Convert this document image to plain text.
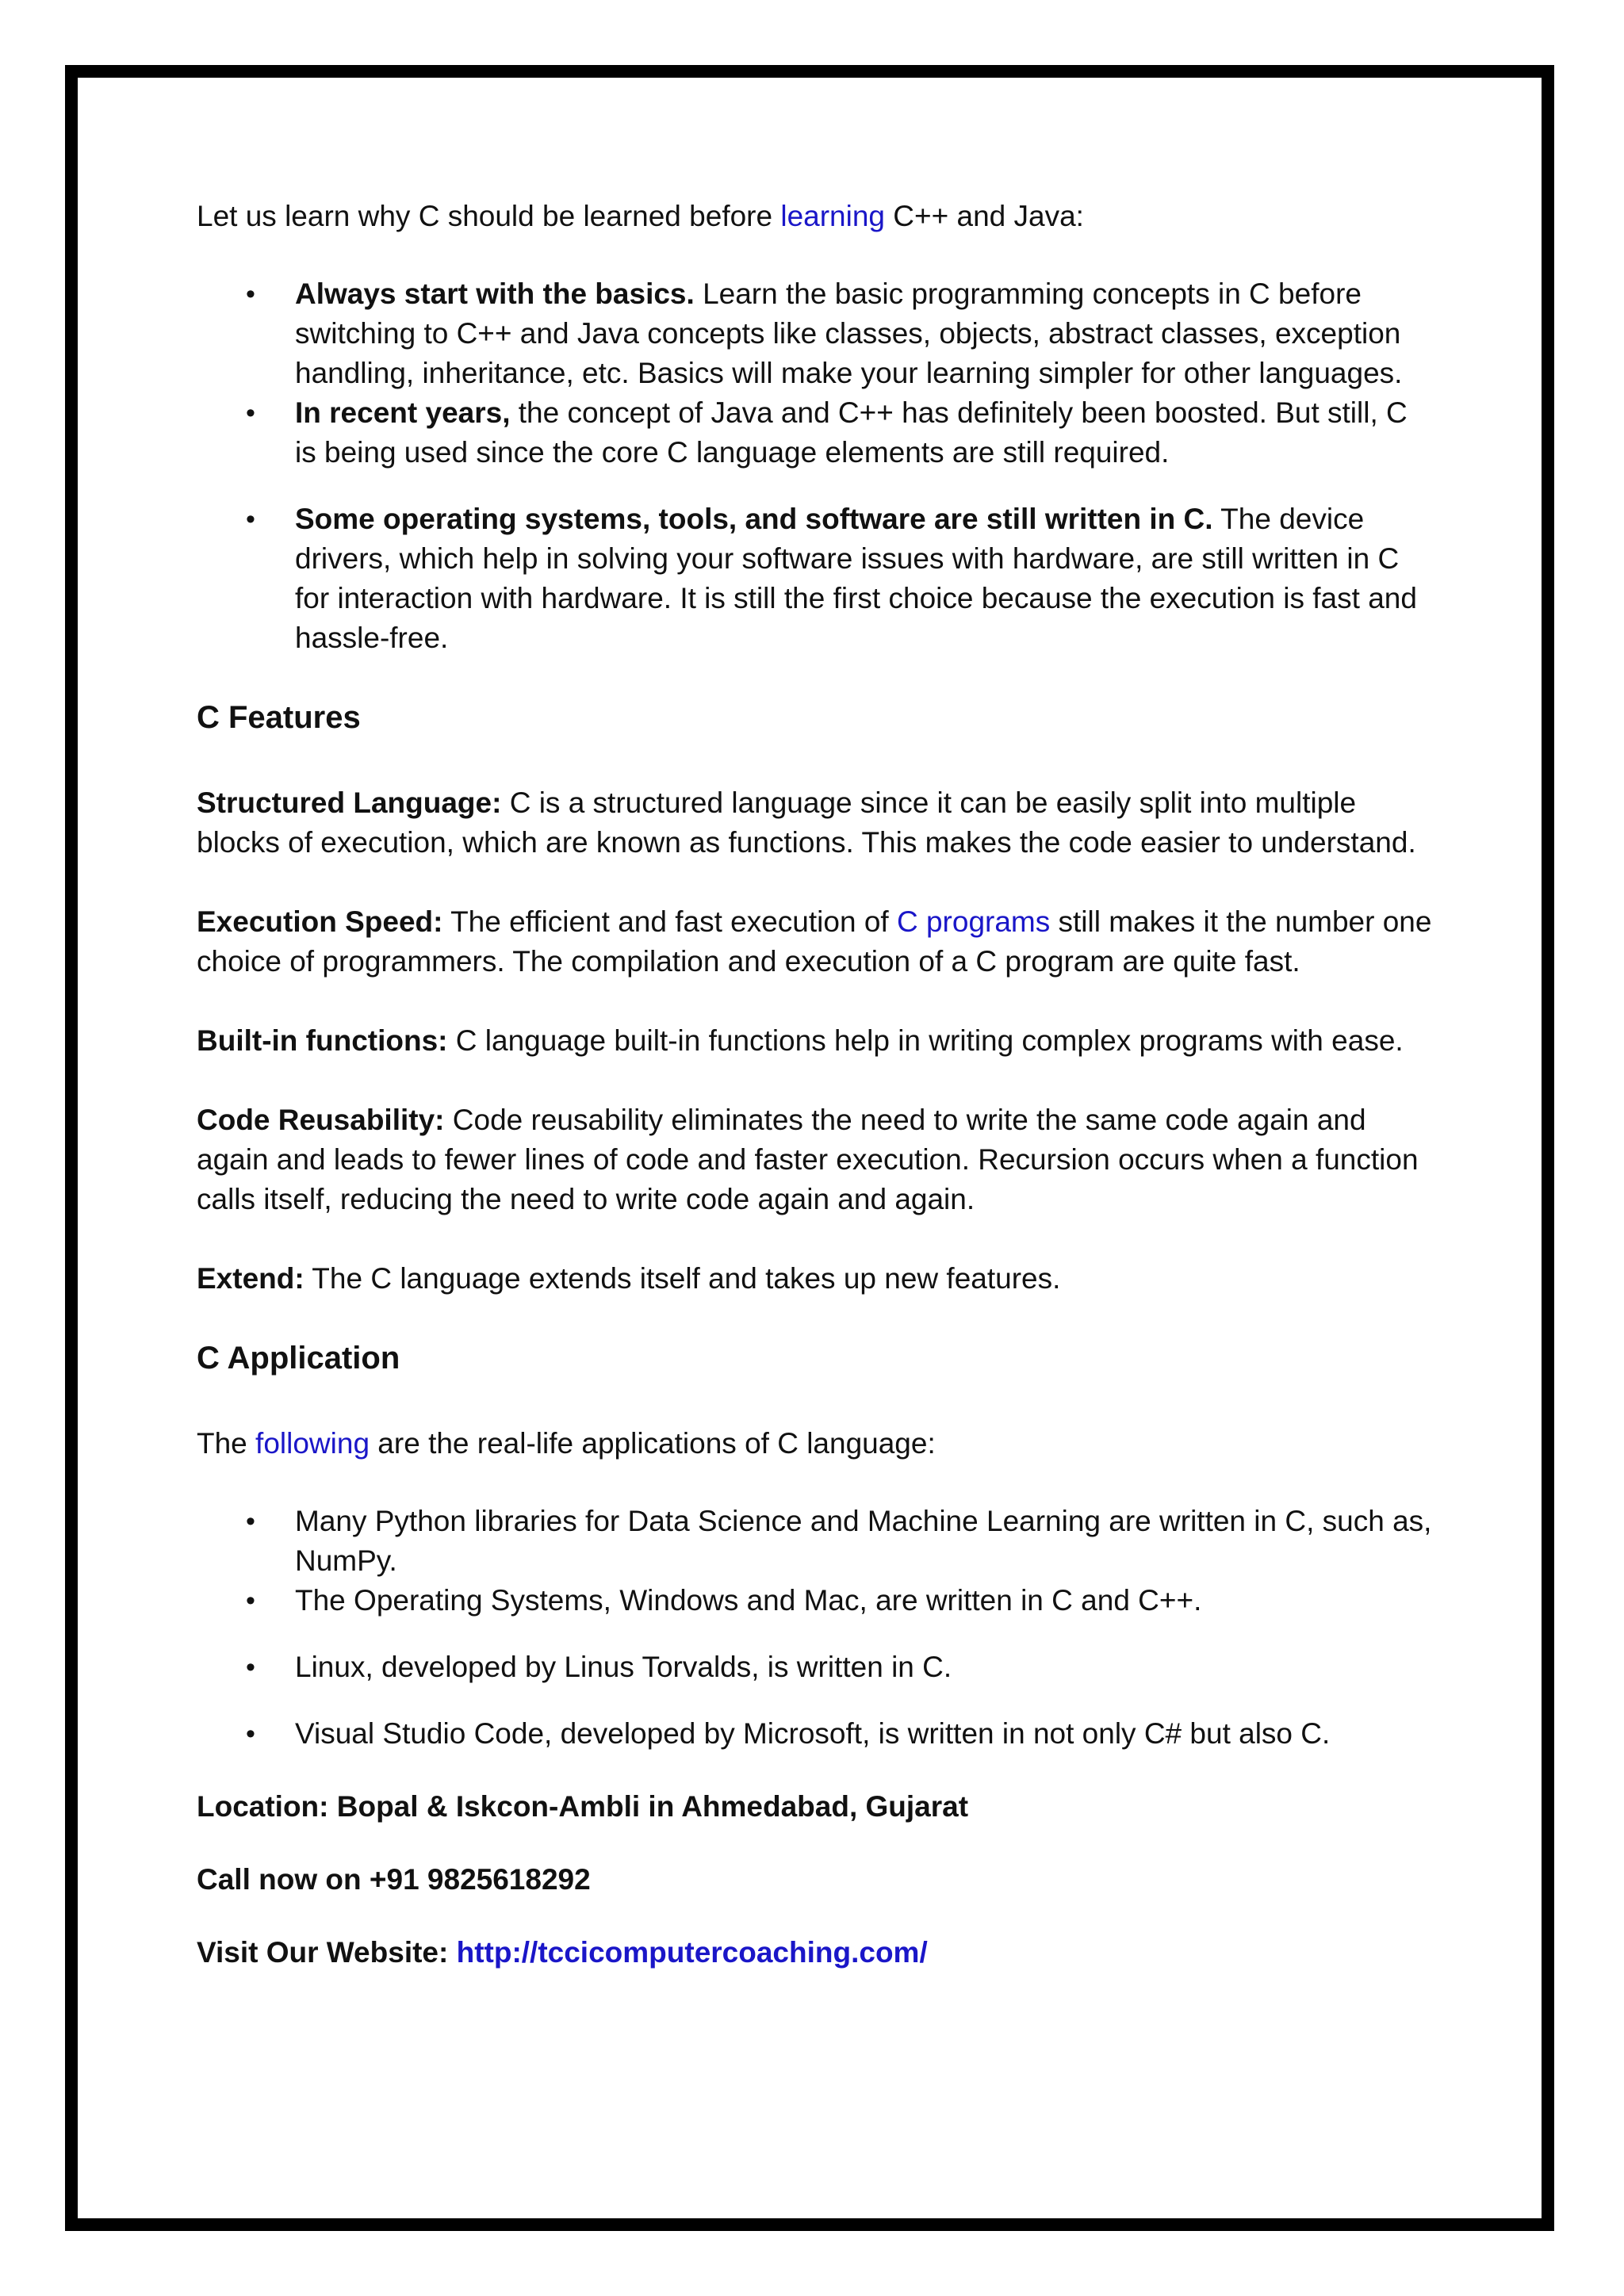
Let us learn why C should be learned before learning C++ and Java:

• Always start with the basics. Learn the basic programming concepts in C before switching to C++ and Java concepts like classes, objects, abstract classes, exception handling, inheritance, etc. Basics will make your learning simpler for other languages.
• In recent years, the concept of Java and C++ has definitely been boosted. But still, C is being used since the core C language elements are still required.
• Some operating systems, tools, and software are still written in C. The device drivers, which help in solving your software issues with hardware, are still written in C for interaction with hardware. It is still the first choice because the execution is fast and hassle-free.
C Features

Structured Language: C is a structured language since it can be easily split into multiple blocks of execution, which are known as functions. This makes the code easier to understand.

Execution Speed: The efficient and fast execution of C programs still makes it the number one choice of programmers. The compilation and execution of a C program are quite fast.

Built-in functions: C language built-in functions help in writing complex programs with ease.

Code Reusability: Code reusability eliminates the need to write the same code again and again and leads to fewer lines of code and faster execution. Recursion occurs when a function calls itself, reducing the need to write code again and again.

Extend: The C language extends itself and takes up new features.

C Application

The following are the real-life applications of C language:

• Many Python libraries for Data Science and Machine Learning are written in C, such as, NumPy.
• The Operating Systems, Windows and Mac, are written in C and C++.
• Linux, developed by Linus Torvalds, is written in C.
• Visual Studio Code, developed by Microsoft, is written in not only C# but also C.

Location: Bopal & Iskcon-Ambli in Ahmedabad, Gujarat

Call now on +91 9825618292

Visit Our Website: http://tccicomputercoaching.com/
